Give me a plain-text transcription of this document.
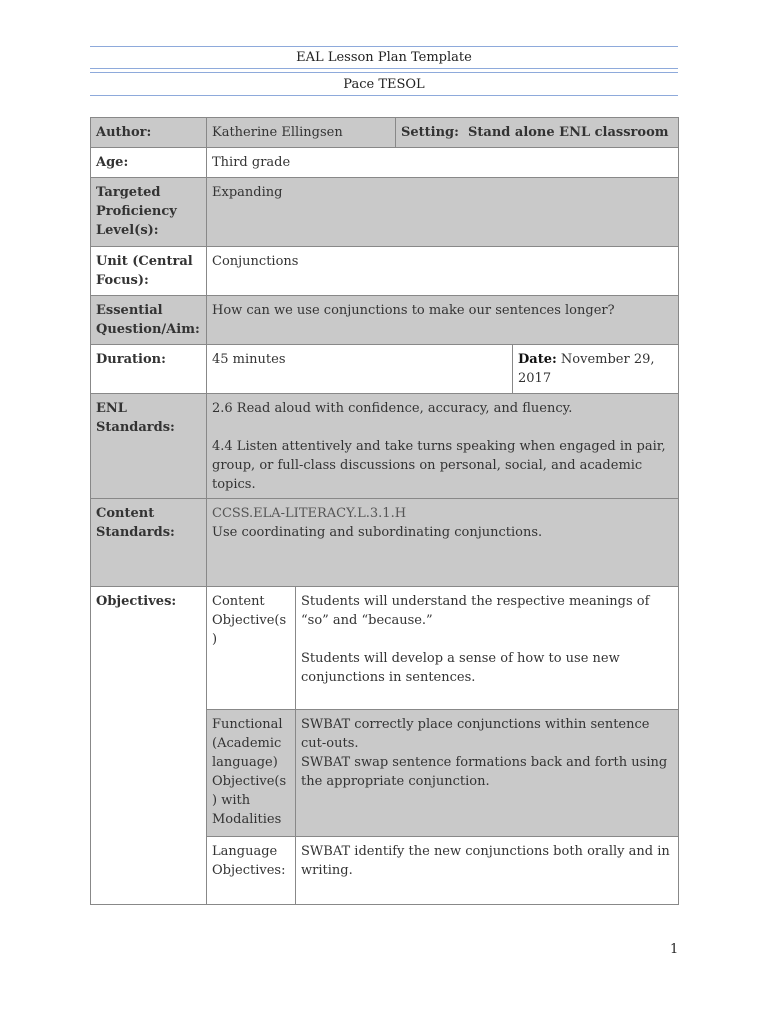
EAL Lesson Plan Template
Pace TESOL
Author:	Katherine Ellingsen		Setting: Stand alone ENL classroom	
Age:	Third grade			
Targeted Proficiency Level(s):	Expanding			
Unit (Central Focus):	Conjunctions			
Essential Question/Aim:	How can we use conjunctions to make our sentences longer?			
Duration:	45 minutes			Date: November 29, 2017
ENL Standards:	2.6 Read aloud with confidence, accuracy, and fluency.
4.4 Listen attentively and take turns speaking when engaged in pair, group, or full-class discussions on personal, social, and academic topics.			

Content Standards:	CCSS.ELA-LITERACY.L.3.1.H
Use coordinating and subordinating conjunctions.			

Objectives:	Content Objective(s)	Students will understand the respective meanings of “so” and “because.”
Students will develop a sense of how to use new conjunctions in sentences.		

	Functional (Academic language) Objective(s) with Modalities	SWBAT correctly place conjunctions within sentence cut-outs.
SWBAT swap sentence formations back and forth using the appropriate conjunction.		

	Language Objectives:	SWBAT identify the new conjunctions both orally and in writing.		
1
